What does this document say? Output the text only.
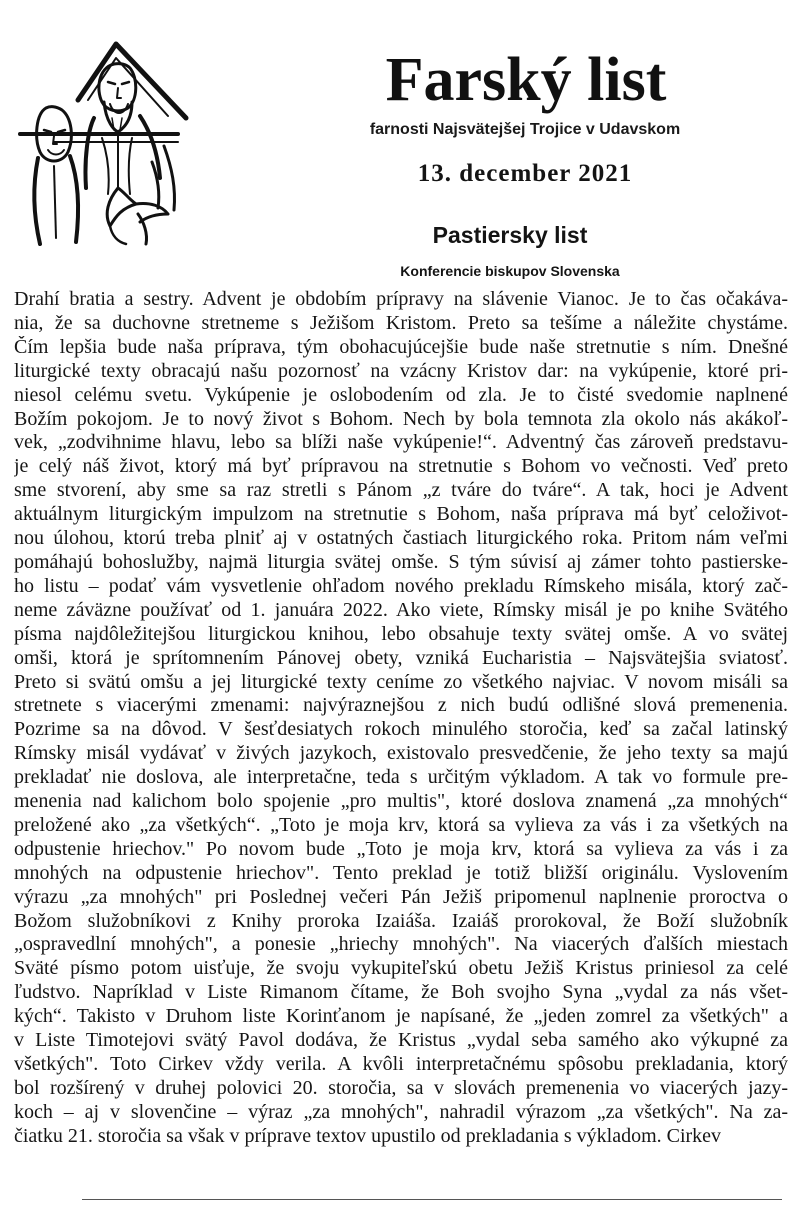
Farský list
farnosti Najsvätejšej Trojice v Udavskom
13. december 2021
Pastiersky list
Konferencie biskupov Slovenska
Drahí bratia a sestry. Advent je obdobím prípravy na slávenie Vianoc. Je to čas očakáva-
nia, že sa duchovne stretneme s Ježišom Kristom. Preto sa tešíme a náležite chystáme.
Čím lepšia bude naša príprava, tým obohacujúcejšie bude naše stretnutie s ním. Dnešné
liturgické texty obracajú našu pozornosť na vzácny Kristov dar: na vykúpenie, ktoré pri-
niesol celému svetu. Vykúpenie je oslobodením od zla. Je to čisté svedomie naplnené
Božím pokojom. Je to nový život s Bohom. Nech by bola temnota zla okolo nás akákoľ-
vek, „zodvihnime hlavu, lebo sa blíži naše vykúpenie!“. Adventný čas zároveň predstavu-
je celý náš život, ktorý má byť prípravou na stretnutie s Bohom vo večnosti. Veď preto
sme stvorení, aby sme sa raz stretli s Pánom „z tváre do tváre“. A tak, hoci je Advent
aktuálnym liturgickým impulzom na stretnutie s Bohom, naša príprava má byť celoživot-
nou úlohou, ktorú treba plniť aj v ostatných častiach liturgického roka. Pritom nám veľmi
pomáhajú bohoslužby, najmä liturgia svätej omše. S tým súvisí aj zámer tohto pastierske-
ho listu – podať vám vysvetlenie ohľadom nového prekladu Rímskeho misála, ktorý zač-
neme záväzne používať od 1. januára 2022. Ako viete, Rímsky misál je po knihe Svätého
písma najdôležitejšou liturgickou knihou, lebo obsahuje texty svätej omše. A vo svätej
omši, ktorá je sprítomnením Pánovej obety, vzniká Eucharistia – Najsvätejšia sviatosť.
Preto si svätú omšu a jej liturgické texty ceníme zo všetkého najviac. V novom misáli sa
stretnete s viacerými zmenami: najvýraznejšou z nich budú odlišné slová premenenia.
Pozrime sa na dôvod. V šesťdesiatych rokoch minulého storočia, keď sa začal latinský
Rímsky misál vydávať v živých jazykoch, existovalo presvedčenie, že jeho texty sa majú
prekladať nie doslova, ale interpretačne, teda s určitým výkladom. A tak vo formule pre-
menenia nad kalichom bolo spojenie „pro multis", ktoré doslova znamená „za mnohých“
preložené ako „za všetkých“. „Toto je moja krv, ktorá sa vylieva za vás i za všetkých na
odpustenie hriechov." Po novom bude „Toto je moja krv, ktorá sa vylieva za vás i za
mnohých na odpustenie hriechov". Tento preklad je totiž bližší originálu. Vyslovením
výrazu „za mnohých" pri Poslednej večeri Pán Ježiš pripomenul naplnenie proroctva o
Božom služobníkovi z Knihy proroka Izaiáša. Izaiáš prorokoval, že Boží služobník
„ospravedlní mnohých", a ponesie „hriechy mnohých". Na viacerých ďalších miestach
Sväté písmo potom uisťuje, že svoju vykupiteľskú obetu Ježiš Kristus priniesol za celé
ľudstvo. Napríklad v Liste Rimanom čítame, že Boh svojho Syna „vydal za nás všet-
kých“. Takisto v Druhom liste Korinťanom je napísané, že „jeden zomrel za všetkých" a
v Liste Timotejovi svätý Pavol dodáva, že Kristus „vydal seba samého ako výkupné za
všetkých". Toto Cirkev vždy verila. A kvôli interpretačnému spôsobu prekladania, ktorý
bol rozšírený v druhej polovici 20. storočia, sa v slovách premenenia vo viacerých jazy-
koch – aj v slovenčine – výraz „za mnohých", nahradil výrazom „za všetkých". Na za-
čiatku 21. storočia sa však v príprave textov upustilo od prekladania s výkladom. Cirkev
